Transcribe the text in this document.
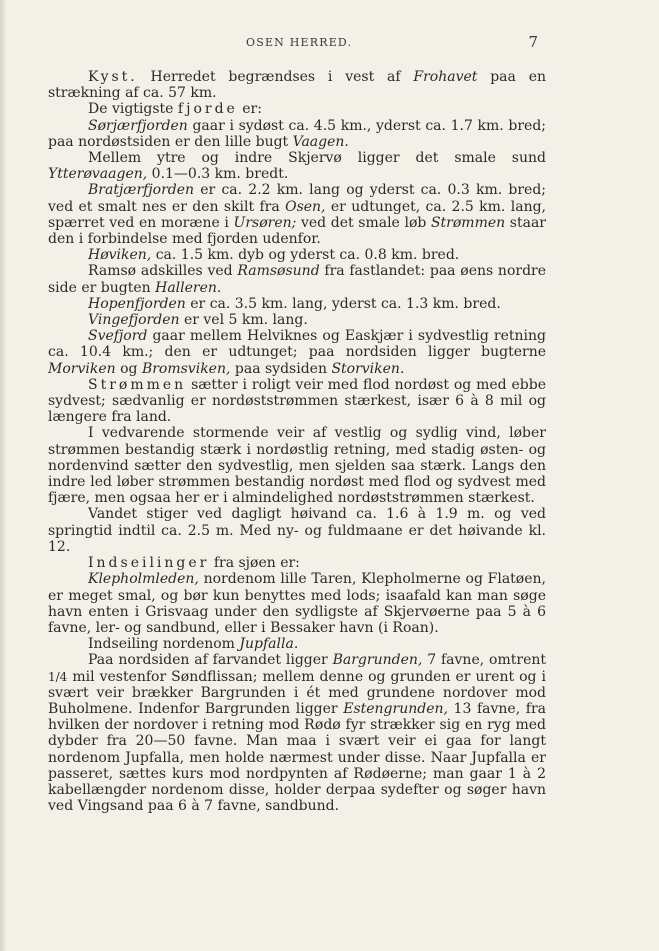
OSEN HERRED.	7

Kyst. Herredet begrændses i vest af Frohavet paa en strækning af ca. 57 km.

De vigtigste fjorde er:

Sørjærfjorden gaar i sydøst ca. 4.5 km., yderst ca. 1.7 km. bred; paa nordøstsiden er den lille bugt Vaagen.

Mellem ytre og indre Skjervø ligger det smale sund Ytterøvaagen, 0.1—0.3 km. bredt.

Bratjærfjorden er ca. 2.2 km. lang og yderst ca. 0.3 km. bred; ved et smalt nes er den skilt fra Osen, er udtunget, ca. 2.5 km. lang, spærret ved en moræne i Ursøren; ved det smale løb Strømmen staar den i forbindelse med fjorden udenfor.

Høviken, ca. 1.5 km. dyb og yderst ca. 0.8 km. bred.

Ramsø adskilles ved Ramsøsund fra fastlandet: paa øens nordre side er bugten Halleren.

Hopenfjorden er ca. 3.5 km. lang, yderst ca. 1.3 km. bred.

Vingefjorden er vel 5 km. lang.

Svefjord gaar mellem Helviknes og Easkjær i sydvestlig retning ca. 10.4 km.; den er udtunget; paa nordsiden ligger bugterne Morviken og Bromsviken, paa sydsiden Storviken.

Strømmen sætter i roligt veir med flod nordøst og med ebbe sydvest; sædvanlig er nordøststrømmen stærkest, især 6 à 8 mil og længere fra land.

I vedvarende stormende veir af vestlig og sydlig vind, løber strømmen bestandig stærk i nordøstlig retning, med stadig østen- og nordenvind sætter den sydvestlig, men sjelden saa stærk. Langs den indre led løber strømmen bestandig nordøst med flod og sydvest med fjære, men ogsaa her er i almindelighed nordøststrømmen stærkest.

Vandet stiger ved dagligt høivand ca. 1.6 à 1.9 m. og ved springtid indtil ca. 2.5 m. Med ny- og fuldmaane er det høivande kl. 12.

Indseilinger fra sjøen er:

Klepholmleden, nordenom lille Taren, Klepholmerne og Flatøen, er meget smal, og bør kun benyttes med lods; isaafald kan man søge havn enten i Grisvaag under den sydligste af Skjervøerne paa 5 à 6 favne, ler- og sandbund, eller i Bessaker havn (i Roan).

Indseiling nordenom Jupfalla.

Paa nordsiden af farvandet ligger Bargrunden, 7 favne, omtrent 1/4 mil vestenfor Søndflissan; mellem denne og grunden er urent og i svært veir brækker Bargrunden i ét med grundene nordover mod Buholmene. Indenfor Bargrunden ligger Estengrunden, 13 favne, fra hvilken der nordover i retning mod Rødø fyr strækker sig en ryg med dybder fra 20—50 favne. Man maa i svært veir ei gaa for langt nordenom Jupfalla, men holde nærmest under disse. Naar Jupfalla er passeret, sættes kurs mod nordpynten af Rødøerne; man gaar 1 à 2 kabellængder nordenom disse, holder derpaa sydefter og søger havn ved Vingsand paa 6 à 7 favne, sandbund.
